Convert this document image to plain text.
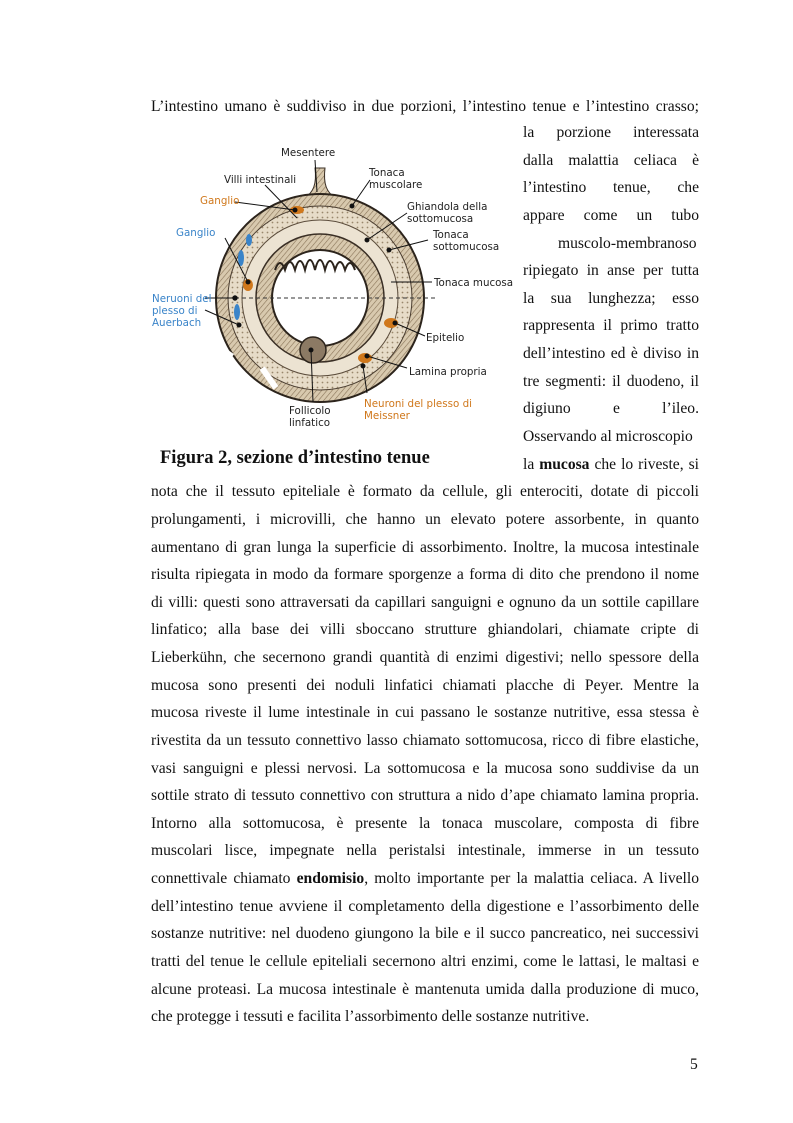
L’intestino umano è suddiviso in due porzioni, l’intestino tenue e l’intestino crasso;
la porzione interessata
dalla malattia celiaca è
l’intestino tenue, che
appare come un tubo
muscolo-membranoso
ripiegato in anse per tutta
la sua lunghezza; esso
rappresenta il primo tratto
dell’intestino ed è diviso in
tre segmenti: il duodeno, il
digiuno e l’ileo.
Osservando al microscopio
la mucosa che lo riveste, si
Mesentere
Tonaca
muscolare
Villi intestinali
Ganglio	Ghiandola della
sottomucosa
Ganglio	Tonaca
sottomucosa
Tonaca mucosa
Neruoni del
plesso di
Auerbach
Epitelio
Lamina propria
Neuroni del plesso di
Meissner
Follicolo
linfatico
Figura 2, sezione d’intestino tenue
nota che il tessuto epiteliale è formato da cellule, gli enterociti, dotate di piccoli
prolungamenti, i microvilli, che hanno un elevato potere assorbente, in quanto
aumentano di gran lunga la superficie di assorbimento. Inoltre, la mucosa intestinale
risulta ripiegata in modo da formare sporgenze a forma di dito che prendono il nome
di villi: questi sono attraversati da capillari sanguigni e ognuno da un sottile capillare
linfatico; alla base dei villi sboccano strutture ghiandolari, chiamate cripte di
Lieberkühn, che secernono grandi quantità di enzimi digestivi; nello spessore della
mucosa sono presenti dei noduli linfatici chiamati placche di Peyer. Mentre la
mucosa riveste il lume intestinale in cui passano le sostanze nutritive, essa stessa è
rivestita da un tessuto connettivo lasso chiamato sottomucosa, ricco di fibre elastiche,
vasi sanguigni e plessi nervosi. La sottomucosa e la mucosa sono suddivise da un
sottile strato di tessuto connettivo con struttura a nido d’ape chiamato lamina propria.
Intorno alla sottomucosa, è presente la tonaca muscolare, composta di fibre
muscolari lisce, impegnate nella peristalsi intestinale, immerse in un tessuto
connettivale chiamato endomisio, molto importante per la malattia celiaca. A livello
dell’intestino tenue avviene il completamento della digestione e l’assorbimento delle
sostanze nutritive: nel duodeno giungono la bile e il succo pancreatico, nei successivi
tratti del tenue le cellule epiteliali secernono altri enzimi, come le lattasi, le maltasi e
alcune proteasi. La mucosa intestinale è mantenuta umida dalla produzione di muco,
che protegge i tessuti e facilita l’assorbimento delle sostanze nutritive.
5
